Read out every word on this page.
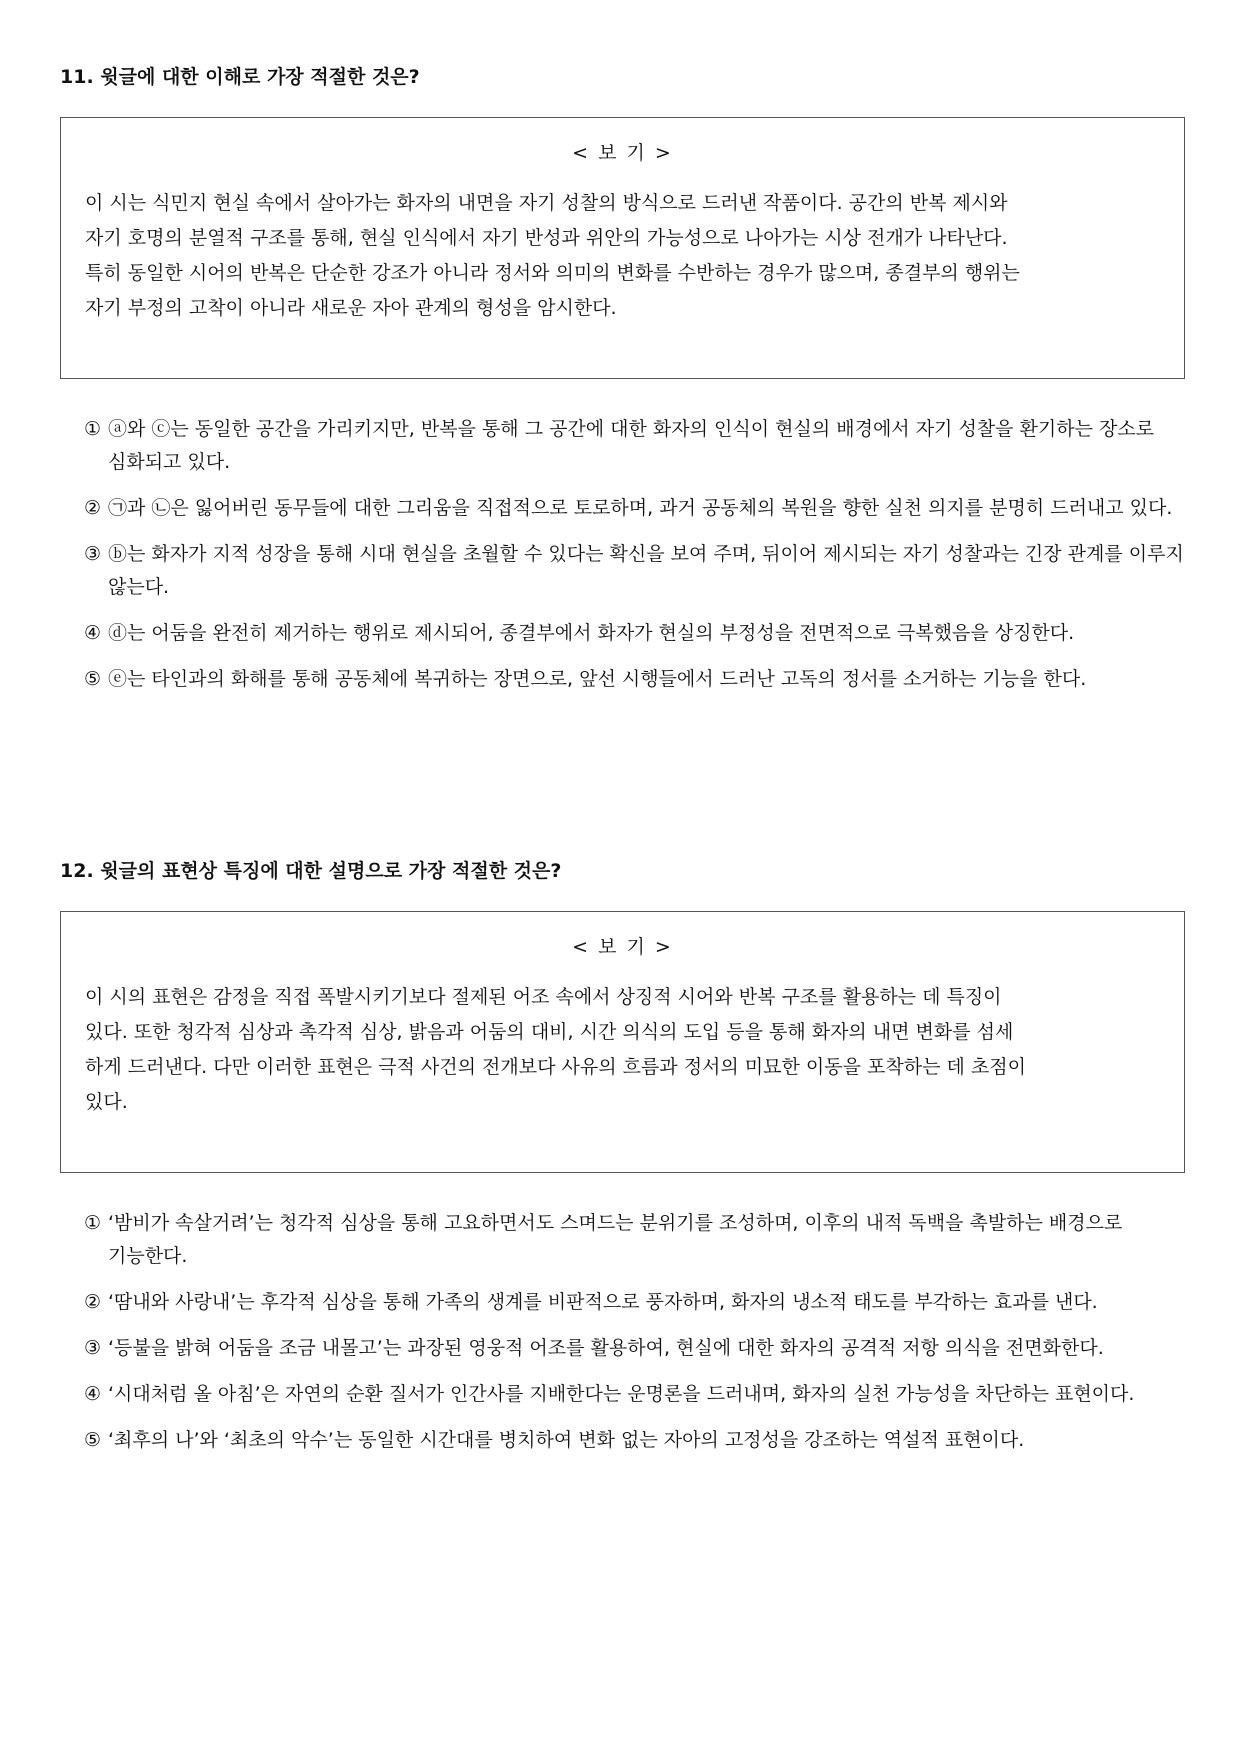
11. 윗글에 대한 이해로 가장 적절한 것은?
< 보 기 >
이 시는 식민지 현실 속에서 살아가는 화자의 내면을 자기 성찰의 방식으로 드러낸 작품이다. 공간의 반복 제시와
자기 호명의 분열적 구조를 통해, 현실 인식에서 자기 반성과 위안의 가능성으로 나아가는 시상 전개가 나타난다.
특히 동일한 시어의 반복은 단순한 강조가 아니라 정서와 의미의 변화를 수반하는 경우가 많으며, 종결부의 행위는
자기 부정의 고착이 아니라 새로운 자아 관계의 형성을 암시한다.
① ⓐ와 ⓒ는 동일한 공간을 가리키지만, 반복을 통해 그 공간에 대한 화자의 인식이 현실의 배경에서 자기 성찰을 환기하는 장소로 심화되고 있다.
② ㉠과 ㉡은 잃어버린 동무들에 대한 그리움을 직접적으로 토로하며, 과거 공동체의 복원을 향한 실천 의지를 분명히 드러내고 있다.
③ ⓑ는 화자가 지적 성장을 통해 시대 현실을 초월할 수 있다는 확신을 보여 주며, 뒤이어 제시되는 자기 성찰과는 긴장 관계를 이루지 않는다.
④ ⓓ는 어둠을 완전히 제거하는 행위로 제시되어, 종결부에서 화자가 현실의 부정성을 전면적으로 극복했음을 상징한다.
⑤ ⓔ는 타인과의 화해를 통해 공동체에 복귀하는 장면으로, 앞선 시행들에서 드러난 고독의 정서를 소거하는 기능을 한다.
12. 윗글의 표현상 특징에 대한 설명으로 가장 적절한 것은?
< 보 기 >
이 시의 표현은 감정을 직접 폭발시키기보다 절제된 어조 속에서 상징적 시어와 반복 구조를 활용하는 데 특징이
있다. 또한 청각적 심상과 촉각적 심상, 밝음과 어둠의 대비, 시간 의식의 도입 등을 통해 화자의 내면 변화를 섬세
하게 드러낸다. 다만 이러한 표현은 극적 사건의 전개보다 사유의 흐름과 정서의 미묘한 이동을 포착하는 데 초점이
있다.
① ‘밤비가 속살거려’는 청각적 심상을 통해 고요하면서도 스며드는 분위기를 조성하며, 이후의 내적 독백을 촉발하는 배경으로 기능한다.
② ‘땀내와 사랑내’는 후각적 심상을 통해 가족의 생계를 비판적으로 풍자하며, 화자의 냉소적 태도를 부각하는 효과를 낸다.
③ ‘등불을 밝혀 어둠을 조금 내몰고’는 과장된 영웅적 어조를 활용하여, 현실에 대한 화자의 공격적 저항 의식을 전면화한다.
④ ‘시대처럼 올 아침’은 자연의 순환 질서가 인간사를 지배한다는 운명론을 드러내며, 화자의 실천 가능성을 차단하는 표현이다.
⑤ ‘최후의 나’와 ‘최초의 악수’는 동일한 시간대를 병치하여 변화 없는 자아의 고정성을 강조하는 역설적 표현이다.
